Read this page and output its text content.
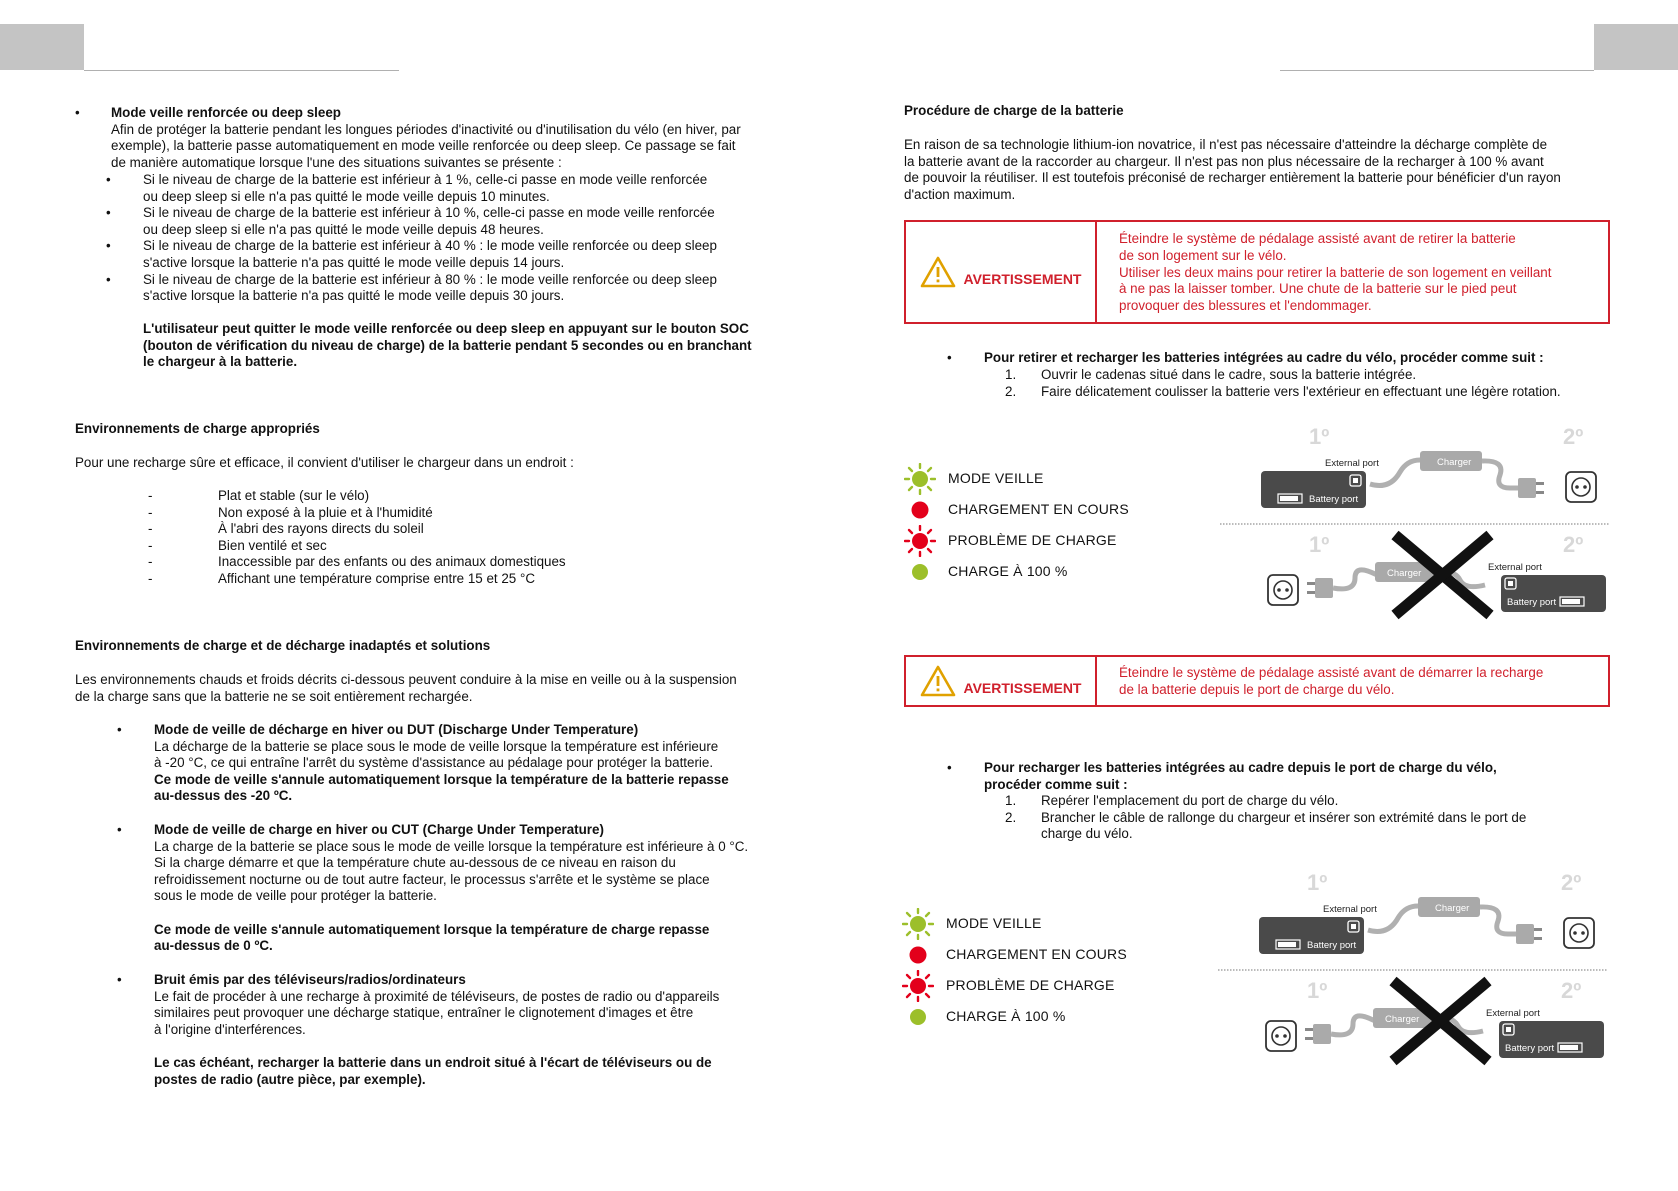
•	Mode veille renforcée ou deep sleep

Afin de protéger la batterie pendant les longues périodes d'inactivité ou d'inutilisation du vélo (en hiver, par

exemple), la batterie passe automatiquement en mode veille renforcée ou deep sleep. Ce passage se fait

de manière automatique lorsque l'une des situations suivantes se présente :

• Si le niveau de charge de la batterie est inférieur à 1 %, celle-ci passe en mode veille renforcée

ou deep sleep si elle n'a pas quitté le mode veille depuis 10 minutes.

• Si le niveau de charge de la batterie est inférieur à 10 %, celle-ci passe en mode veille renforcée

ou deep sleep si elle n'a pas quitté le mode veille depuis 48 heures.

• Si le niveau de charge de la batterie est inférieur à 40 % : le mode veille renforcée ou deep sleep

s'active lorsque la batterie n'a pas quitté le mode veille depuis 14 jours.

• Si le niveau de charge de la batterie est inférieur à 80 % : le mode veille renforcée ou deep sleep

s'active lorsque la batterie n'a pas quitté le mode veille depuis 30 jours.

L'utilisateur peut quitter le mode veille renforcée ou deep sleep en appuyant sur le bouton SOC

(bouton de vérification du niveau de charge) de la batterie pendant 5 secondes ou en branchant

le chargeur à la batterie.

Environnements de charge appropriés

Pour une recharge sûre et efficace, il convient d'utiliser le chargeur dans un endroit :

-	Plat et stable (sur le vélo)

-	Non exposé à la pluie et à l'humidité

-	À l'abri des rayons directs du soleil

-	Bien ventilé et sec

-	Inaccessible par des enfants ou des animaux domestiques

-	Affichant une température comprise entre 15 et 25 °C

Environnements de charge et de décharge inadaptés et solutions

Les environnements chauds et froids décrits ci-dessous peuvent conduire à la mise en veille ou à la suspension

de la charge sans que la batterie ne se soit entièrement rechargée.

•	Mode de veille de décharge en hiver ou DUT (Discharge Under Temperature)

La décharge de la batterie se place sous le mode de veille lorsque la température est inférieure

à -20 °C, ce qui entraîne l'arrêt du système d'assistance au pédalage pour protéger la batterie.

Ce mode de veille s'annule automatiquement lorsque la température de la batterie repasse

au-dessus des -20 ºC.

•	Mode de veille de charge en hiver ou CUT (Charge Under Temperature)

La charge de la batterie se place sous le mode de veille lorsque la température est inférieure à 0 °C.

Si la charge démarre et que la température chute au-dessous de ce niveau en raison du

refroidissement nocturne ou de tout autre facteur, le processus s'arrête et le système se place

sous le mode de veille pour protéger la batterie.

Ce mode de veille s'annule automatiquement lorsque la température de charge repasse

au-dessus de 0 ºC.

•	Bruit émis par des téléviseurs/radios/ordinateurs

Le fait de procéder à une recharge à proximité de téléviseurs, de postes de radio ou d'appareils

similaires peut provoquer une décharge statique, entraîner le clignotement d'images et être

à l'origine d'interférences.

Le cas échéant, recharger la batterie dans un endroit situé à l'écart de téléviseurs ou de

postes de radio (autre pièce, par exemple).

Procédure de charge de la batterie

En raison de sa technologie lithium-ion novatrice, il n'est pas nécessaire d'atteindre la décharge complète de

la batterie avant de la raccorder au chargeur. Il n'est pas non plus nécessaire de la recharger à 100 % avant

de pouvoir la réutiliser. Il est toutefois préconisé de recharger entièrement la batterie pour bénéficier d'un rayon

d'action maximum.

AVERTISSEMENT

Éteindre le système de pédalage assisté avant de retirer la batterie

de son logement sur le vélo.

Utiliser les deux mains pour retirer la batterie de son logement en veillant

à ne pas la laisser tomber. Une chute de la batterie sur le pied peut

provoquer des blessures et l'endommager.

•	Pour retirer et recharger les batteries intégrées au cadre du vélo, procéder comme suit :

1. Ouvrir le cadenas situé dans le cadre, sous la batterie intégrée.

2. Faire délicatement coulisser la batterie vers l'extérieur en effectuant une légère rotation.

MODE VEILLE
CHARGEMENT EN COURS
PROBLÈME DE CHARGE
CHARGE À 100 %
1º	2º
External port
Battery port
Charger
1º	2º
Charger
External port
Battery port
AVERTISSEMENT

Éteindre le système de pédalage assisté avant de démarrer la recharge

de la batterie depuis le port de charge du vélo.

•	Pour recharger les batteries intégrées au cadre depuis le port de charge du vélo,

procéder comme suit :

1. Repérer l'emplacement du port de charge du vélo.

2. Brancher le câble de rallonge du chargeur et insérer son extrémité dans le port de

charge du vélo.

MODE VEILLE
CHARGEMENT EN COURS
PROBLÈME DE CHARGE
CHARGE À 100 %
1º	2º
External port
Battery port
Charger
1º	2º
Charger
External port
Battery port
